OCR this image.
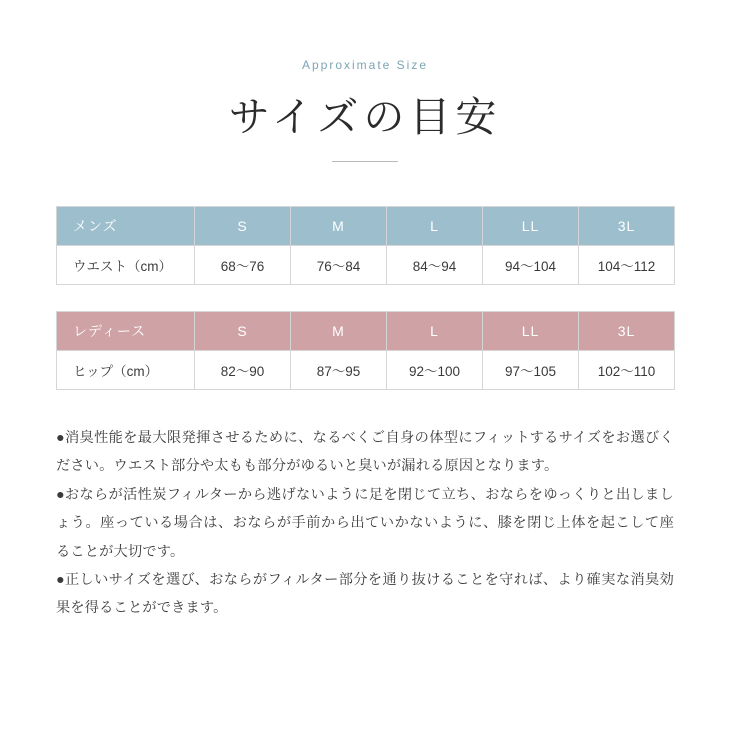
Approximate Size
サイズの目安
メンズ	S	M	L	LL	3L
ウエスト（cm）	68〜76	76〜84	84〜94	94〜104	104〜112
レディース	S	M	L	LL	3L
ヒップ（cm）	82〜90	87〜95	92〜100	97〜105	102〜110

●消臭性能を最大限発揮させるために、なるべくご自身の体型にフィットするサイズをお選びください。ウエスト部分や太もも部分がゆるいと臭いが漏れる原因となります。

●おならが活性炭フィルターから逃げないように足を閉じて立ち、おならをゆっくりと出しましょう。座っている場合は、おならが手前から出ていかないように、膝を閉じ上体を起こして座ることが大切です。

●正しいサイズを選び、おならがフィルター部分を通り抜けることを守れば、より確実な消臭効果を得ることができます。
